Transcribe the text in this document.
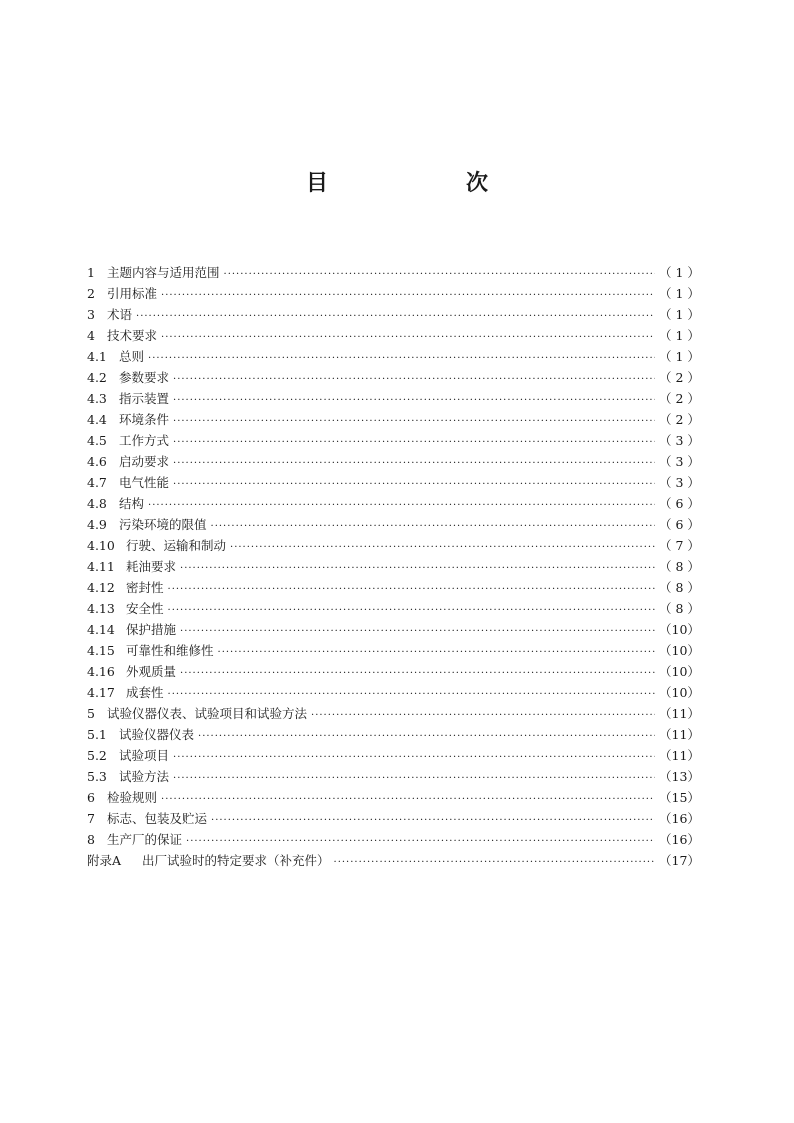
目　次
1 主题内容与适用范围 ·····	（ 1 ）
2 引用标准 ·····	（ 1 ）
3 术语 ·····	（ 1 ）
4 技术要求 ·····	（ 1 ）
4.1 总则 ·····	（ 1 ）
4.2 参数要求 ·····	（ 2 ）
4.3 指示装置 ·····	（ 2 ）
4.4 环境条件 ·····	（ 2 ）
4.5 工作方式 ·····	（ 3 ）
4.6 启动要求 ·····	（ 3 ）
4.7 电气性能 ·····	（ 3 ）
4.8 结构 ·····	（ 6 ）
4.9 污染环境的限值 ·····	（ 6 ）
4.10 行驶、运输和制动 ·····	（ 7 ）
4.11 耗油要求 ·····	（ 8 ）
4.12 密封性 ·····	（ 8 ）
4.13 安全性 ·····	（ 8 ）
4.14 保护措施 ·····	（10）
4.15 可靠性和维修性 ·····	（10）
4.16 外观质量 ·····	（10）
4.17 成套性 ·····	（10）
5 试验仪器仪表、试验项目和试验方法 ·····	（11）
5.1 试验仪器仪表 ·····	（11）
5.2 试验项目 ·····	（11）
5.3 试验方法 ·····	（13）
6 检验规则 ·····	（15）
7 标志、包装及贮运 ·····	（16）
8 生产厂的保证 ·····	（16）
附录A	出厂试验时的特定要求（补充件） ·····	（17）
